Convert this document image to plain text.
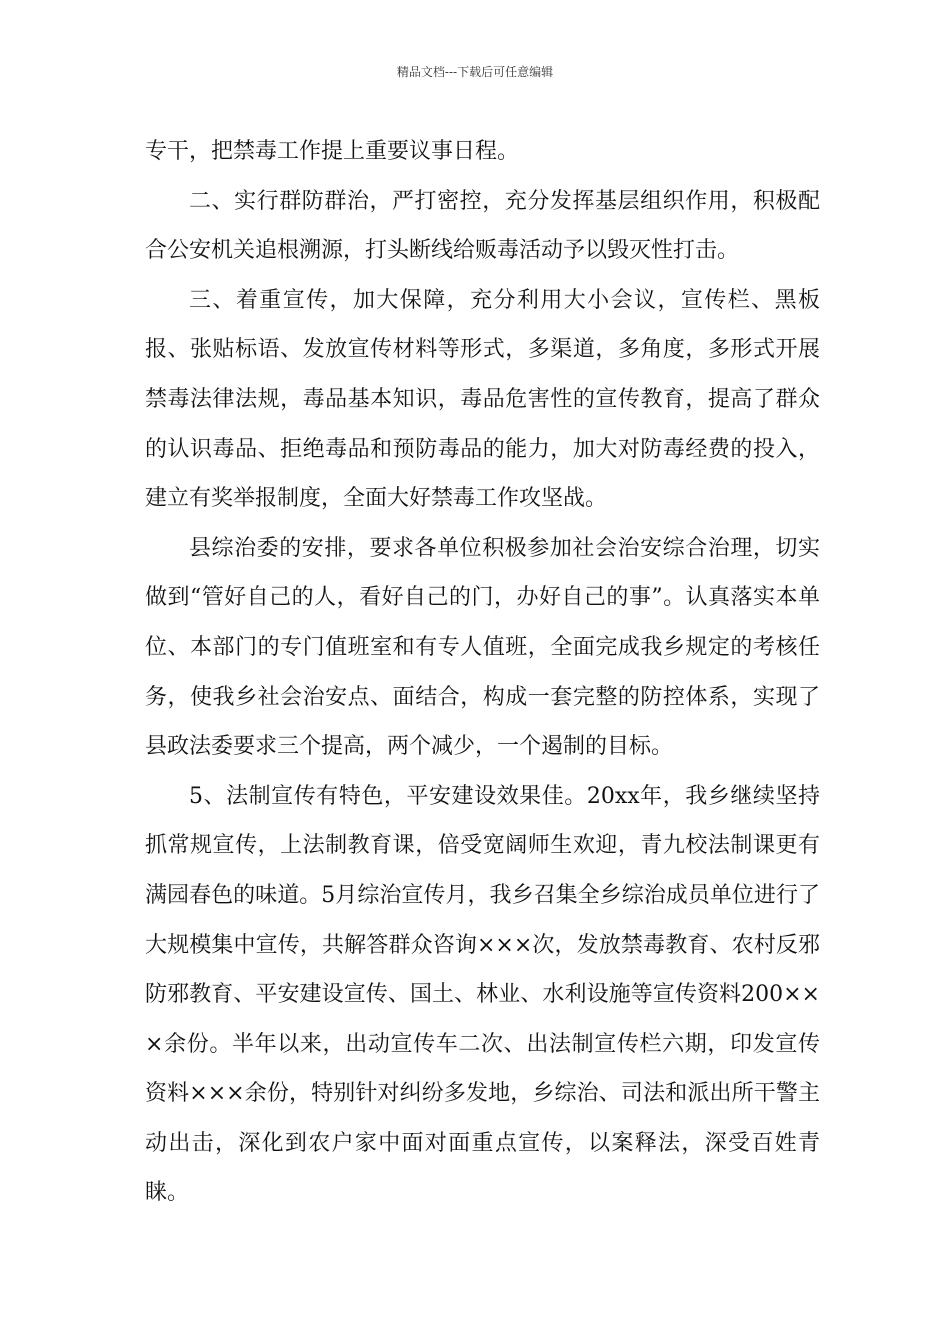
精品文档---下载后可任意编辑

专干，把禁毒工作提上重要议事日程。

二、实行群防群治，严打密控，充分发挥基层组织作用，积极配合公安机关追根溯源，打头断线给贩毒活动予以毁灭性打击。

三、着重宣传，加大保障，充分利用大小会议，宣传栏、黑板报、张贴标语、发放宣传材料等形式，多渠道，多角度，多形式开展禁毒法律法规，毒品基本知识，毒品危害性的宣传教育，提高了群众的认识毒品、拒绝毒品和预防毒品的能力，加大对防毒经费的投入，建立有奖举报制度，全面大好禁毒工作攻坚战。

县综治委的安排，要求各单位积极参加社会治安综合治理，切实做到“管好自己的人，看好自己的门，办好自己的事”。认真落实本单位、本部门的专门值班室和有专人值班，全面完成我乡规定的考核任务，使我乡社会治安点、面结合，构成一套完整的防控体系，实现了县政法委要求三个提高，两个减少，一个遏制的目标。

5、法制宣传有特色，平安建设效果佳。20xx年，我乡继续坚持抓常规宣传，上法制教育课，倍受宽阔师生欢迎，青九校法制课更有满园春色的味道。5月综治宣传月，我乡召集全乡综治成员单位进行了大规模集中宣传，共解答群众咨询×××次，发放禁毒教育、农村反邪防邪教育、平安建设宣传、国土、林业、水利设施等宣传资料200×××余份。半年以来，出动宣传车二次、出法制宣传栏六期，印发宣传资料×××余份，特别针对纠纷多发地，乡综治、司法和派出所干警主动出击，深化到农户家中面对面重点宣传，以案释法，深受百姓青睐。
